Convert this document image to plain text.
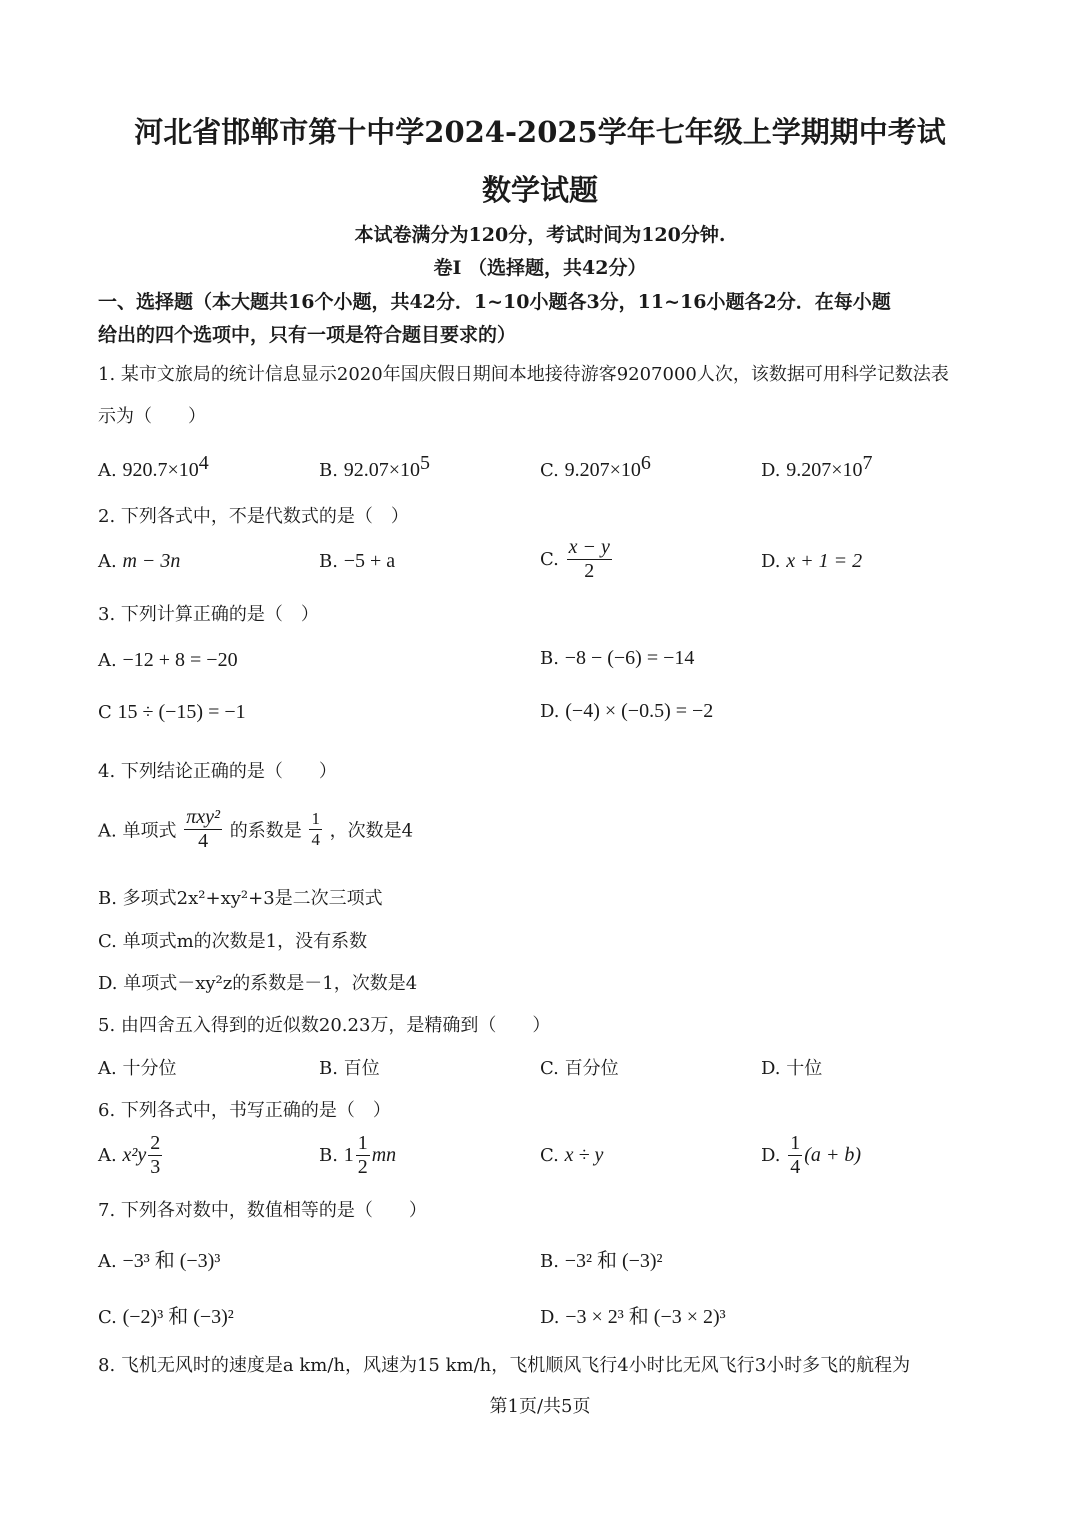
河北省邯郸市第十中学2024-2025学年七年级上学期期中考试
数学试题
本试卷满分为120分，考试时间为120分钟.
卷Ⅰ （选择题，共42分）
一、选择题（本大题共16个小题，共42分．1~10小题各3分，11~16小题各2分．在每小题
给出的四个选项中，只有一项是符合题目要求的）
1. 某市文旅局的统计信息显示2020年国庆假日期间本地接待游客9207000人次，该数据可用科学记数法表
示为（　　）
A. $920.7\times 10^4$	B. $92.07\times 10^5$	C. $9.207\times 10^6$	D. $9.207\times 10^7$
2. 下列各式中，不是代数式的是（　）
A. m − 3n	B. −5 + a	C. $\frac{x - y}{2}$	D. x + 1 = 2
3. 下列计算正确的是（　）
A. −12 + 8 = −20	B. −8 − (−6) = −14
C 15 ÷ (−15) = −1	D. (−4) × (−0.5) = −2
4. 下列结论正确的是（　　）
A. 单项式 $\frac{\text{πxy²}}{4}$ 的系数是 $\frac{1}{4}$ ，次数是4
B. 多项式2x²+xy²+3是二次三项式
C. 单项式m的次数是1，没有系数
D. 单项式－xy²z的系数是－1，次数是4
5. 由四舍五入得到的近似数20.23万，是精确到（　　）
A. 十分位	B. 百位	C. 百分位	D. 十位
6. 下列各式中，书写正确的是（　）
A. $x^2y \frac{2}{3}$	B. $1 \frac{1}{2}$ mn	C. x ÷ y	D. $\frac{1}{4} (a + b)$
7. 下列各对数中，数值相等的是（　　）
A. −3³ 和 (−3)³	B. −3² 和 (−3)²
C. (−2)³ 和 (−3)²	D. −3 × 2³ 和 (−3 × 2)³
8. 飞机无风时的速度是a km/h，风速为15 km/h，飞机顺风飞行4小时比无风飞行3小时多飞的航程为
第1页/共5页
